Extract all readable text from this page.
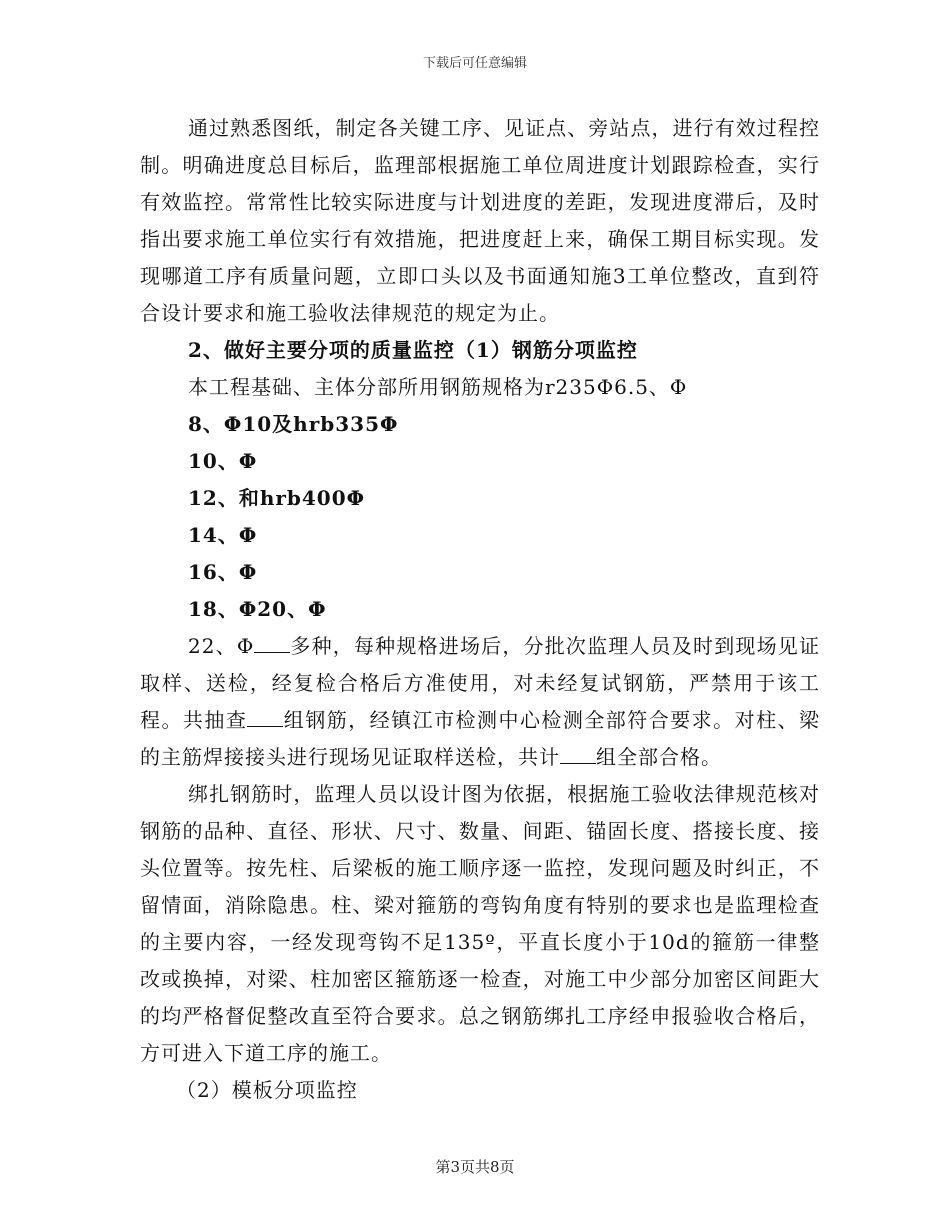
下载后可任意编辑

通过熟悉图纸，制定各关键工序、见证点、旁站点，进行有效过程控制。明确进度总目标后，监理部根据施工单位周进度计划跟踪检查，实行有效监控。常常性比较实际进度与计划进度的差距，发现进度滞后，及时指出要求施工单位实行有效措施，把进度赶上来，确保工期目标实现。发现哪道工序有质量问题，立即口头以及书面通知施3工单位整改，直到符合设计要求和施工验收法律规范的规定为止。

2、做好主要分项的质量监控（1）钢筋分项监控

本工程基础、主体分部所用钢筋规格为r235Φ6.5、Φ

8、Φ10及hrb335Φ

10、Φ

12、和hrb400Φ

14、Φ

16、Φ

18、Φ20、Φ

22、Φ 多种，每种规格进场后，分批次监理人员及时到现场见证取样、送检，经复检合格后方准使用，对未经复试钢筋，严禁用于该工程。共抽查 组钢筋，经镇江市检测中心检测全部符合要求。对柱、梁的主筋焊接接头进行现场见证取样送检，共计 组全部合格。

绑扎钢筋时，监理人员以设计图为依据，根据施工验收法律规范核对钢筋的品种、直径、形状、尺寸、数量、间距、锚固长度、搭接长度、接头位置等。按先柱、后梁板的施工顺序逐一监控，发现问题及时纠正，不留情面，消除隐患。柱、梁对箍筋的弯钩角度有特别的要求也是监理检查的主要内容，一经发现弯钩不足135º，平直长度小于10d的箍筋一律整改或换掉，对梁、柱加密区箍筋逐一检查，对施工中少部分加密区间距大的均严格督促整改直至符合要求。总之钢筋绑扎工序经申报验收合格后，方可进入下道工序的施工。

（2）模板分项监控

第3页共8页
